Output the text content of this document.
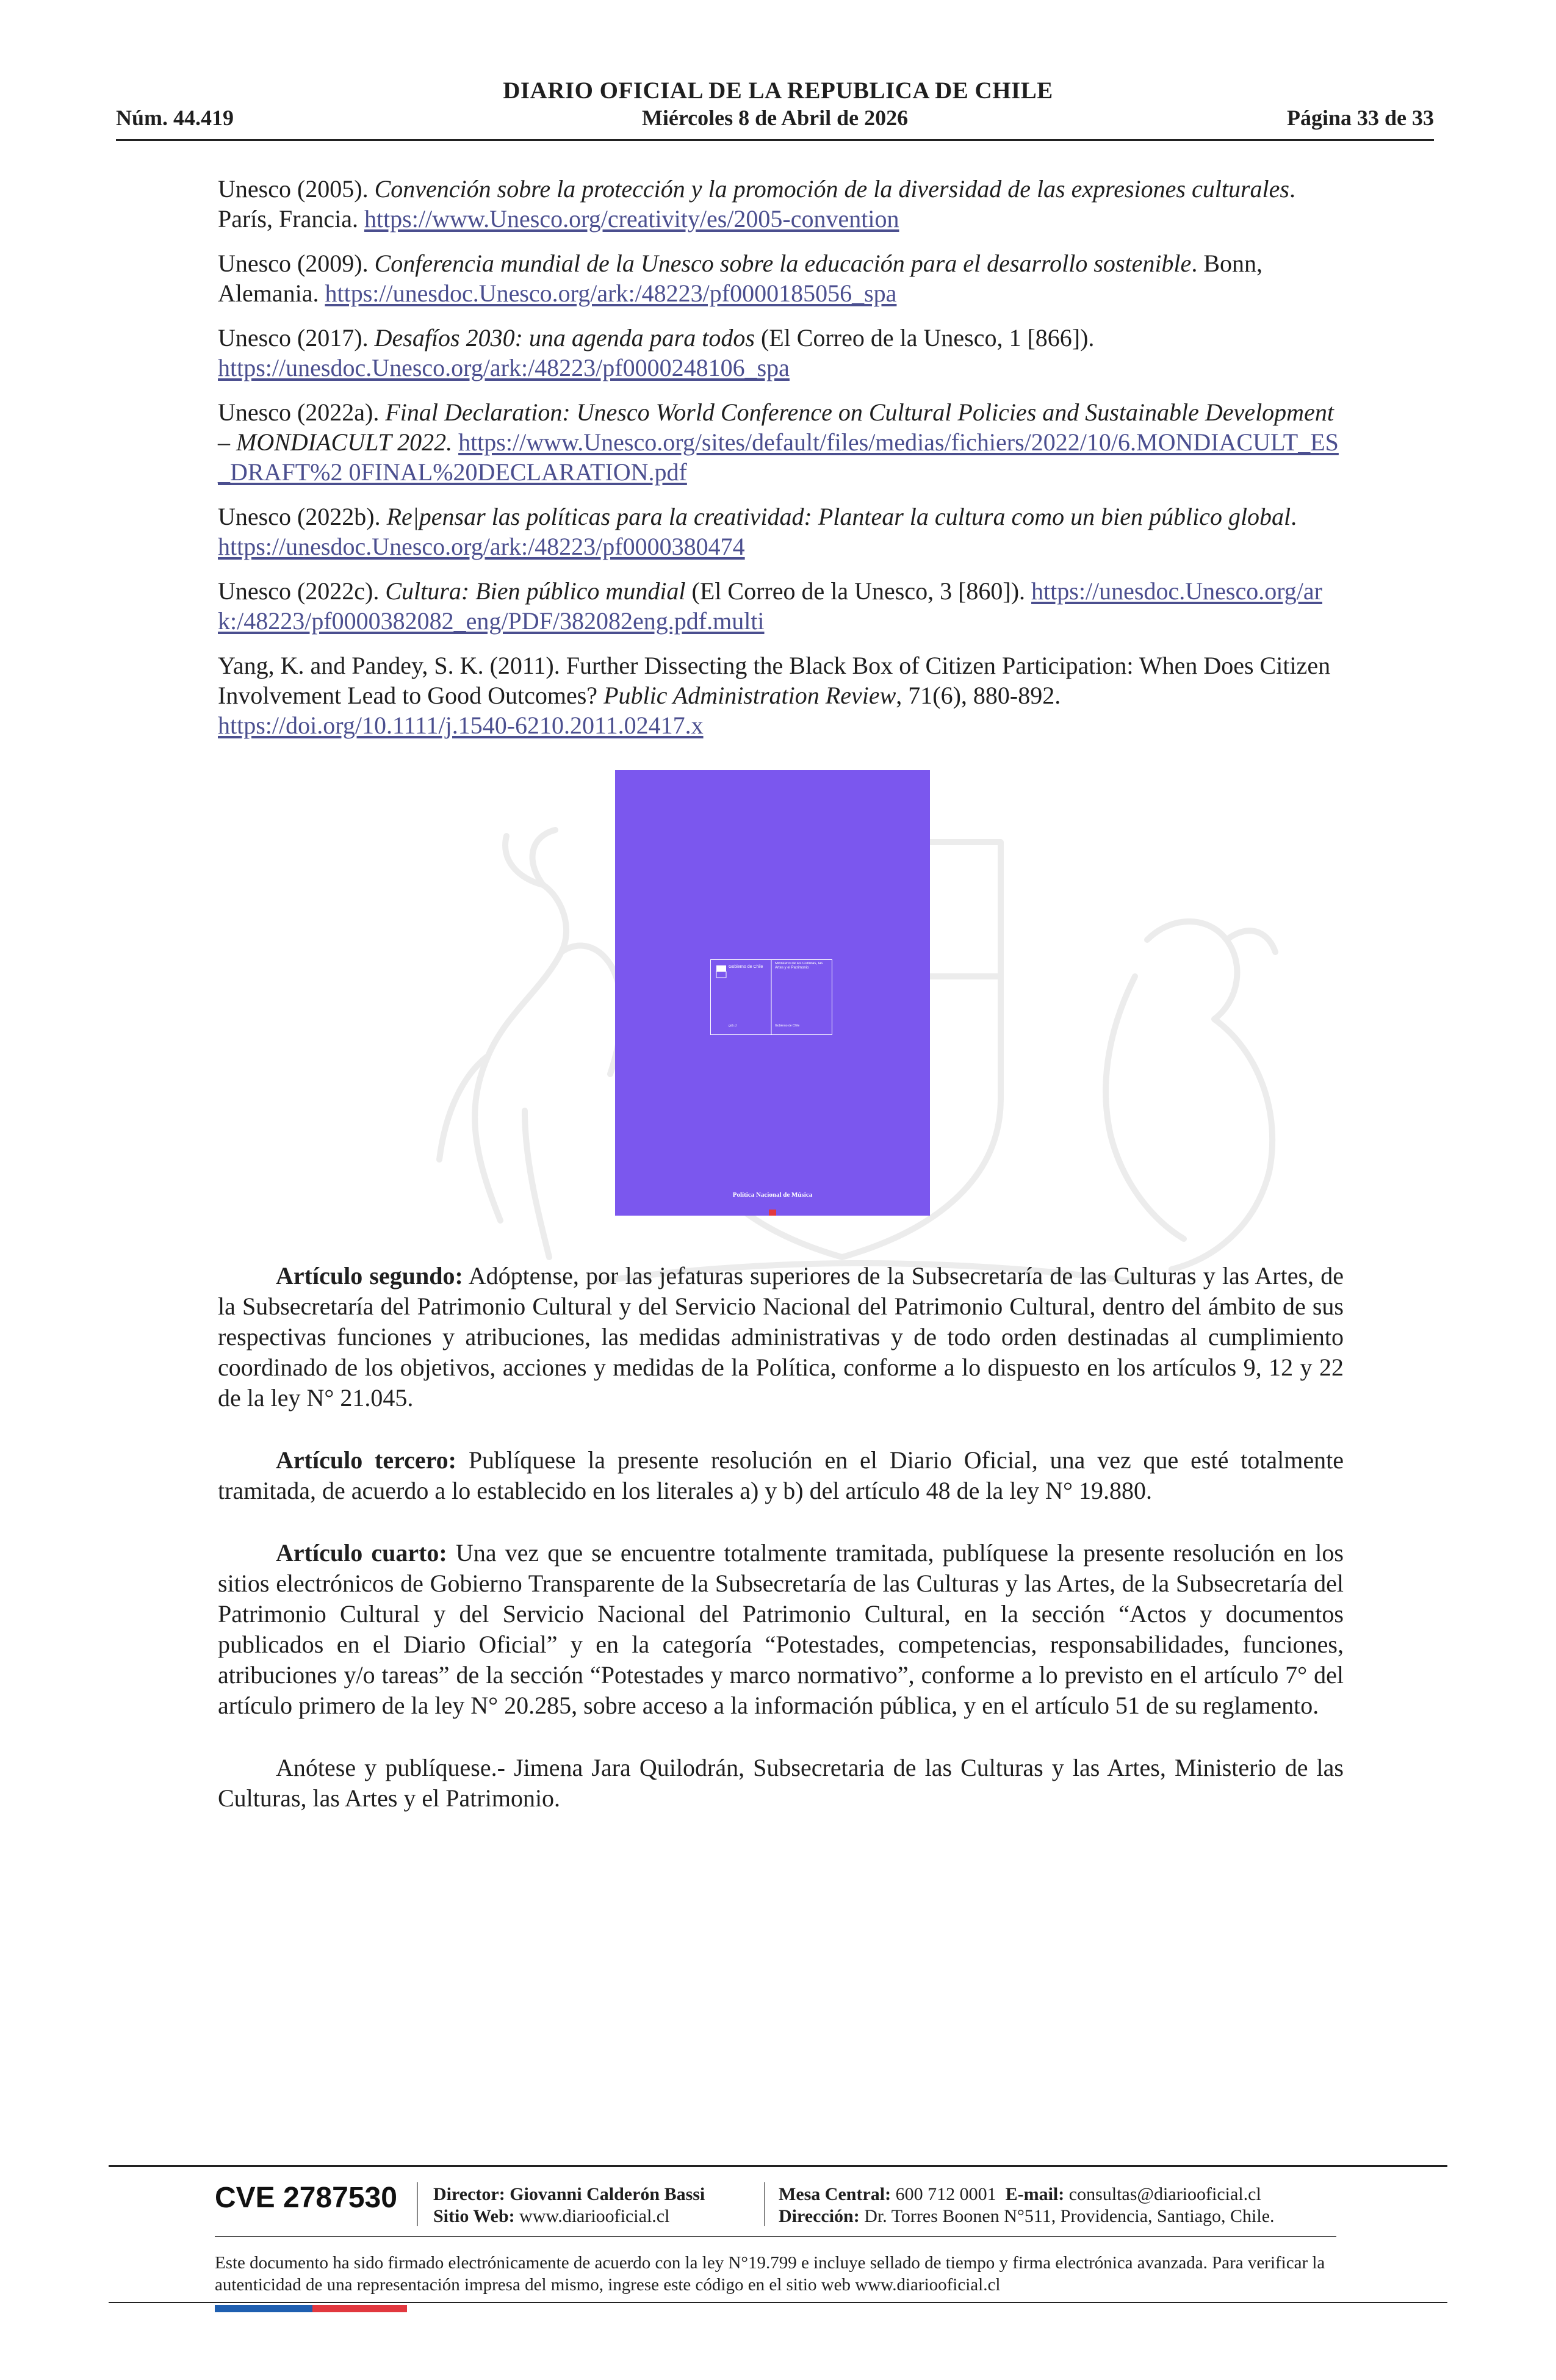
DIARIO OFICIAL DE LA REPUBLICA DE CHILE
Núm. 44.419	Miércoles 8 de Abril de 2026	Página 33 de 33

Unesco (2005). Convención sobre la protección y la promoción de la diversidad de las expresiones culturales. París, Francia. https://www.Unesco.org/creativity/es/2005-convention

Unesco (2009). Conferencia mundial de la Unesco sobre la educación para el desarrollo sostenible. Bonn, Alemania. https://unesdoc.Unesco.org/ark:/48223/pf0000185056_spa

Unesco (2017). Desafíos 2030: una agenda para todos (El Correo de la Unesco, 1 [866]). https://unesdoc.Unesco.org/ark:/48223/pf0000248106_spa

Unesco (2022a). Final Declaration: Unesco World Conference on Cultural Policies and Sustainable Development – MONDIACULT 2022. https://www.Unesco.org/sites/default/files/medias/fichiers/2022/10/6.MONDIACULT_ES_DRAFT%2 0FINAL%20DECLARATION.pdf

Unesco (2022b). Re|pensar las políticas para la creatividad: Plantear la cultura como un bien público global. https://unesdoc.Unesco.org/ark:/48223/pf0000380474

Unesco (2022c). Cultura: Bien público mundial (El Correo de la Unesco, 3 [860]). https://unesdoc.Unesco.org/ark:/48223/pf0000382082_eng/PDF/382082eng.pdf.multi

Yang, K. and Pandey, S. K. (2011). Further Dissecting the Black Box of Citizen Participation: When Does Citizen Involvement Lead to Good Outcomes? Public Administration Review, 71(6), 880-892. https://doi.org/10.1111/j.1540-6210.2011.02417.x

Gobierno de Chile
gob.cl
Ministerio de las Culturas, las Artes y el Patrimonio
Gobierno de Chile
Política Nacional de Música

Artículo segundo: Adóptense, por las jefaturas superiores de la Subsecretaría de las Culturas y las Artes, de la Subsecretaría del Patrimonio Cultural y del Servicio Nacional del Patrimonio Cultural, dentro del ámbito de sus respectivas funciones y atribuciones, las medidas administrativas y de todo orden destinadas al cumplimiento coordinado de los objetivos, acciones y medidas de la Política, conforme a lo dispuesto en los artículos 9, 12 y 22 de la ley N° 21.045.

Artículo tercero: Publíquese la presente resolución en el Diario Oficial, una vez que esté totalmente tramitada, de acuerdo a lo establecido en los literales a) y b) del artículo 48 de la ley N° 19.880.

Artículo cuarto: Una vez que se encuentre totalmente tramitada, publíquese la presente resolución en los sitios electrónicos de Gobierno Transparente de la Subsecretaría de las Culturas y las Artes, de la Subsecretaría del Patrimonio Cultural y del Servicio Nacional del Patrimonio Cultural, en la sección “Actos y documentos publicados en el Diario Oficial” y en la categoría “Potestades, competencias, responsabilidades, funciones, atribuciones y/o tareas” de la sección “Potestades y marco normativo”, conforme a lo previsto en el artículo 7° del artículo primero de la ley N° 20.285, sobre acceso a la información pública, y en el artículo 51 de su reglamento.

Anótese y publíquese.- Jimena Jara Quilodrán, Subsecretaria de las Culturas y las Artes, Ministerio de las Culturas, las Artes y el Patrimonio.

CVE 2787530 Director: Giovanni Calderón Bassi
Sitio Web: www.diariooficial.cl
Mesa Central: 600 712 0001 E-mail: consultas@diariooficial.cl
Dirección: Dr. Torres Boonen N°511, Providencia, Santiago, Chile.
Este documento ha sido firmado electrónicamente de acuerdo con la ley N°19.799 e incluye sellado de tiempo y firma electrónica avanzada. Para verificar la autenticidad de una representación impresa del mismo, ingrese este código en el sitio web www.diariooficial.cl
